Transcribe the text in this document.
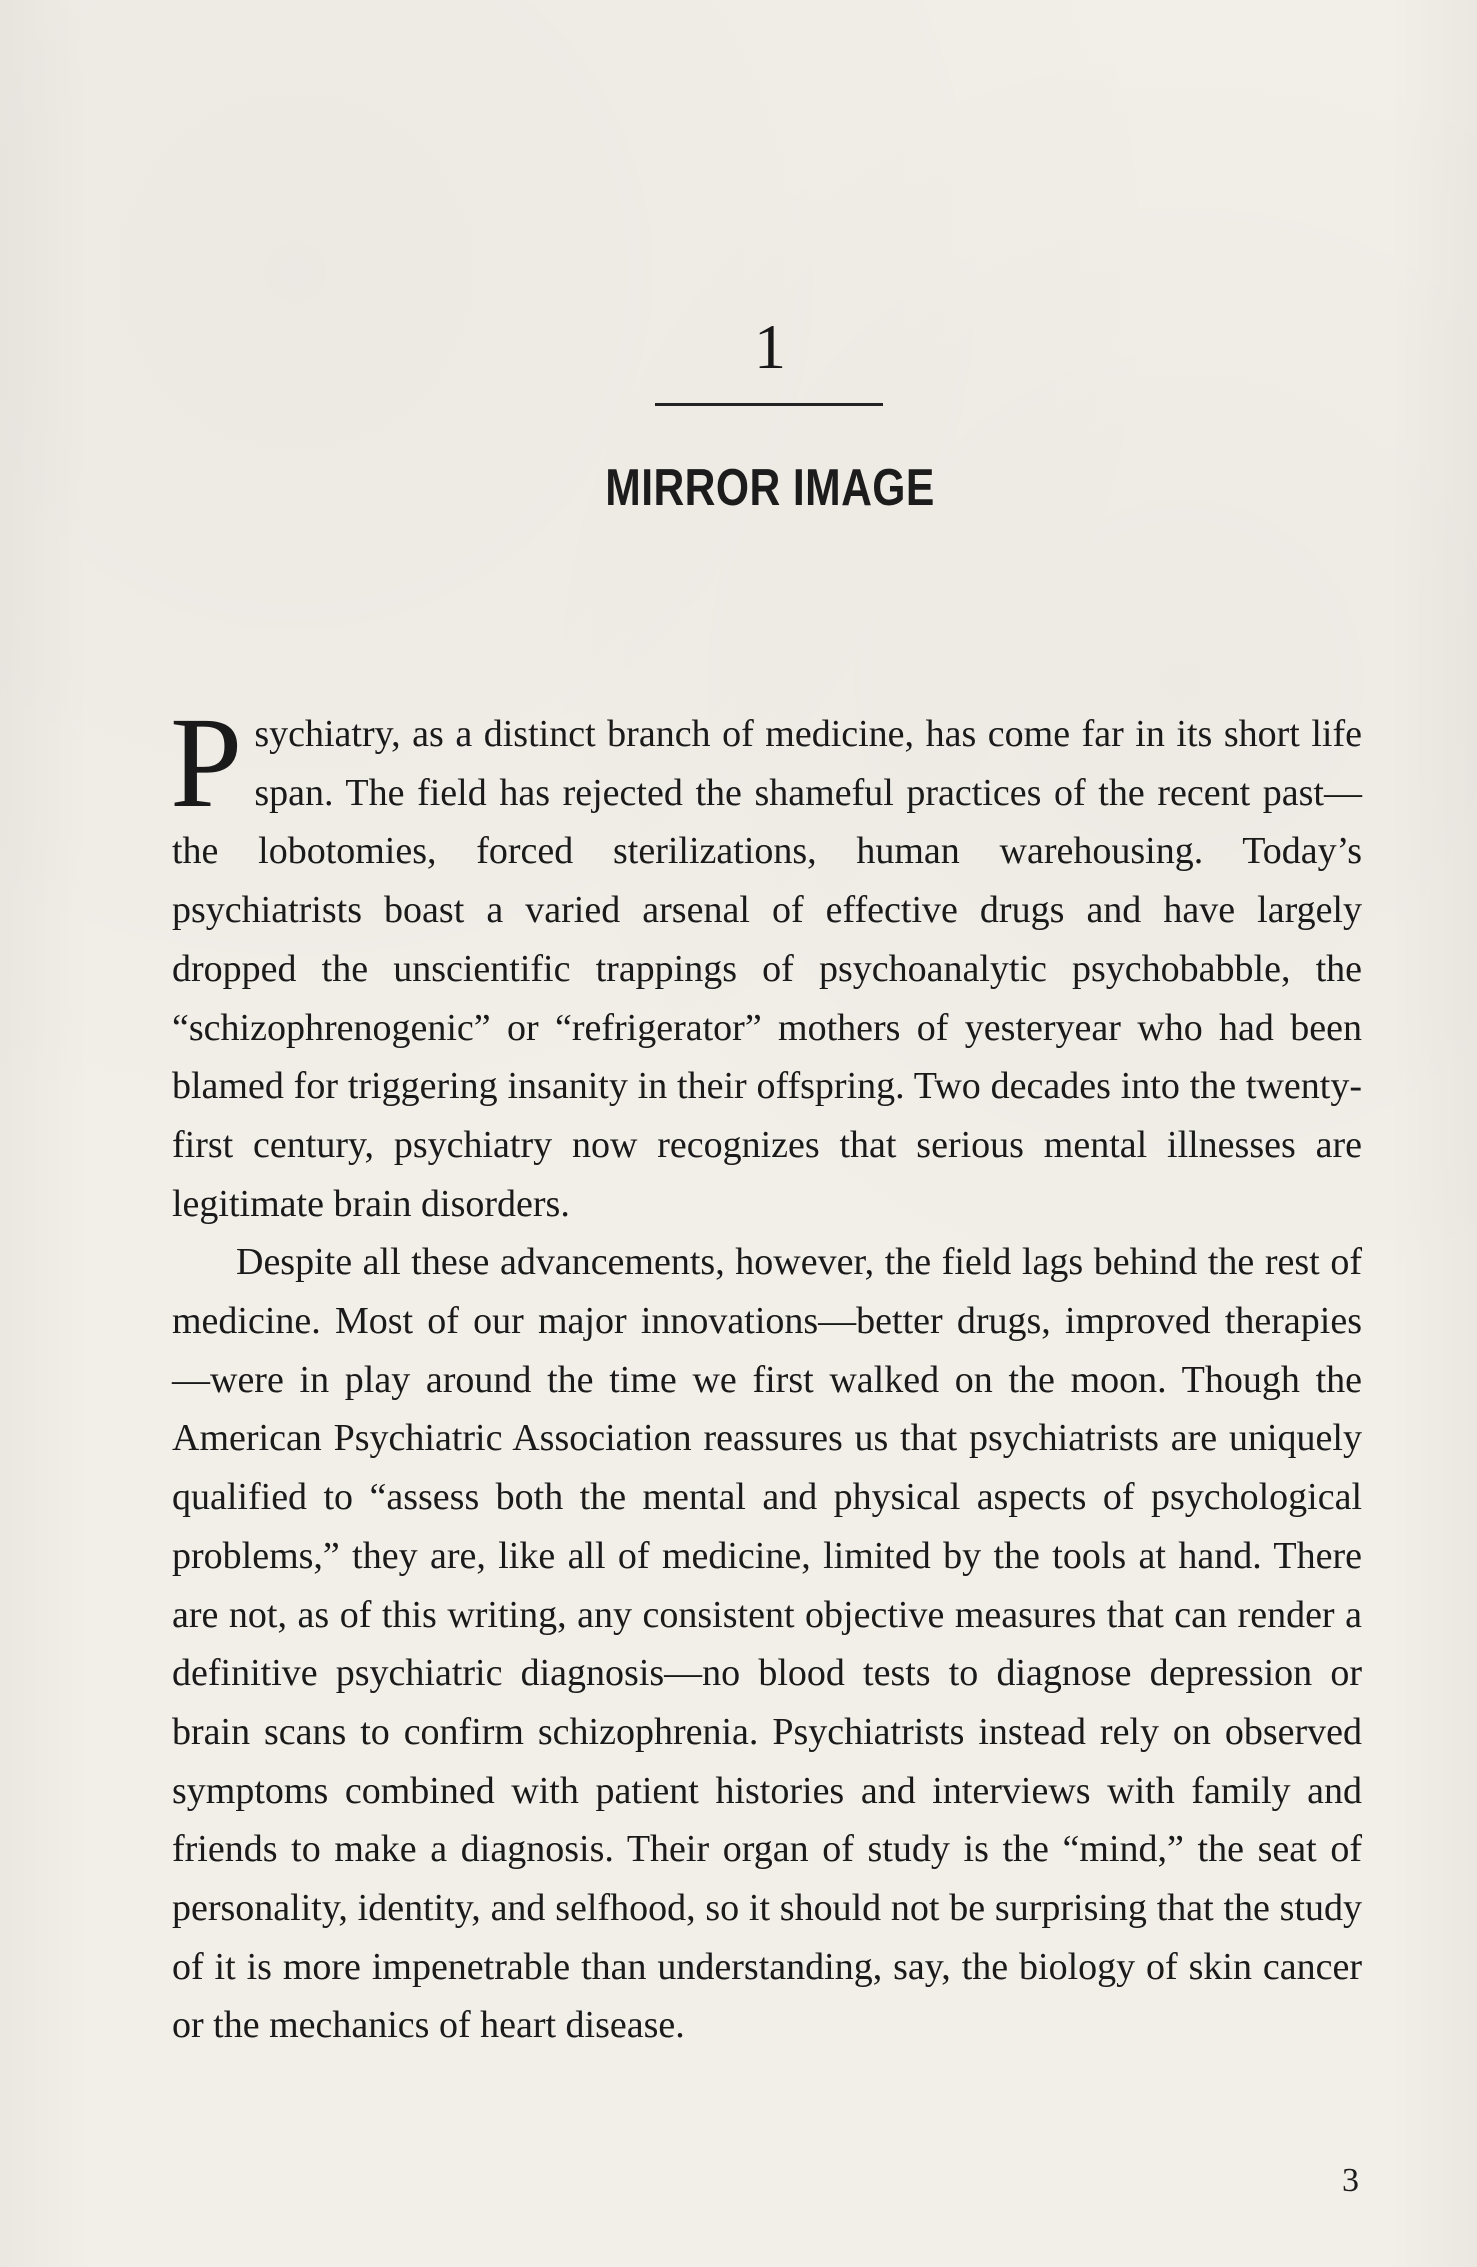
1
MIRROR IMAGE

P sychiatry, as a distinct branch of medicine, has come far in its short life span. The field has rejected the shameful practices of the recent past—the lobotomies, forced sterilizations, human warehousing. Today’s psychiatrists boast a varied arsenal of effective drugs and have largely dropped the unscientific trappings of psychoanalytic psychobabble, the “schizophrenogenic” or “refrigerator” mothers of yesteryear who had been blamed for triggering insanity in their offspring. Two decades into the twenty-first century, psychiatry now recognizes that serious mental illnesses are legitimate brain disorders.

Despite all these advancements, however, the field lags behind the rest of medicine. Most of our major innovations—better drugs, improved therapies—were in play around the time we first walked on the moon. Though the American Psychiatric Association reassures us that psychiatrists are uniquely qualified to “assess both the mental and physical aspects of psychological problems,” they are, like all of medicine, limited by the tools at hand. There are not, as of this writing, any consistent objective measures that can render a definitive psychiatric diagnosis—no blood tests to diagnose depression or brain scans to confirm schizophrenia. Psychiatrists instead rely on observed symptoms combined with patient histories and interviews with family and friends to make a diagnosis. Their organ of study is the “mind,” the seat of personality, identity, and selfhood, so it should not be surprising that the study of it is more impenetrable than understanding, say, the biology of skin cancer or the mechanics of heart disease.

3
